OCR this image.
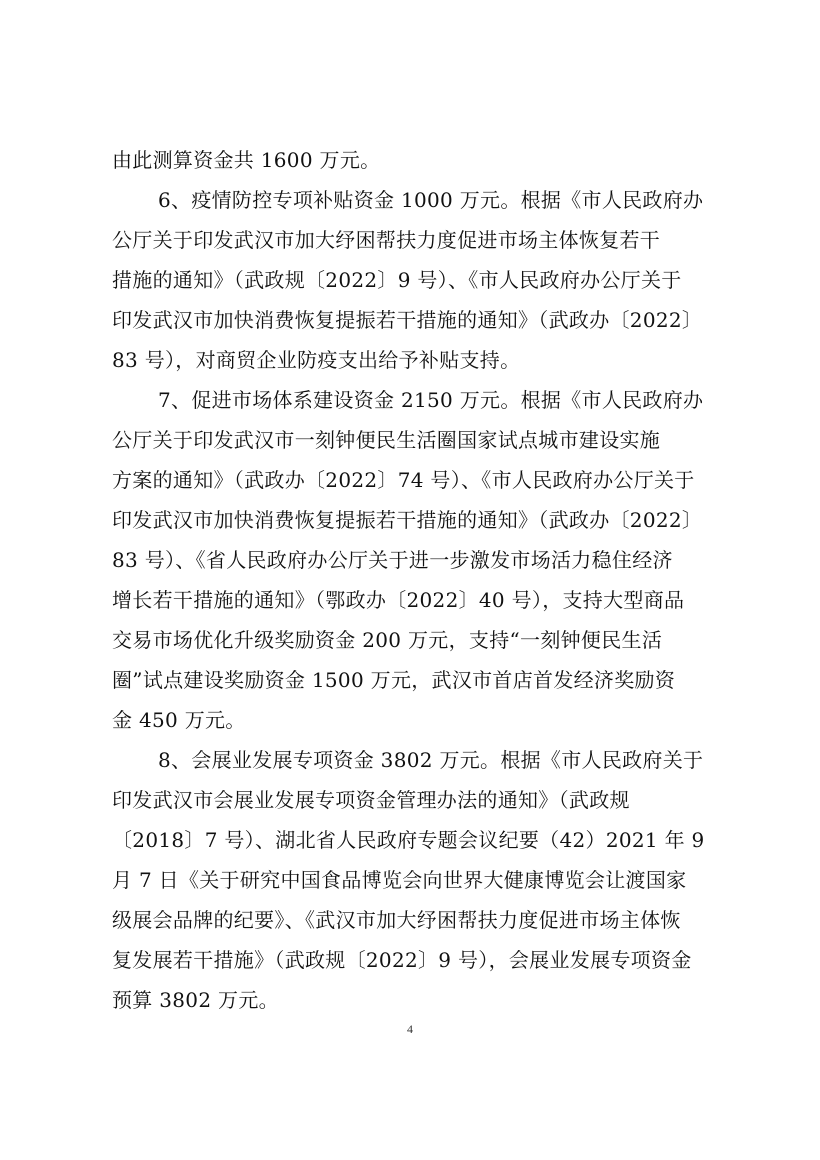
由此测算资金共 1600 万元。
6、疫情防控专项补贴资金 1000 万元。根据《市人民政府办
公厅关于印发武汉市加大纾困帮扶力度促进市场主体恢复若干
措施的通知》（武政规〔2022〕9 号）、《市人民政府办公厅关于
印发武汉市加快消费恢复提振若干措施的通知》（武政办〔2022〕
83 号），对商贸企业防疫支出给予补贴支持。
7、促进市场体系建设资金 2150 万元。根据《市人民政府办
公厅关于印发武汉市一刻钟便民生活圈国家试点城市建设实施
方案的通知》（武政办〔2022〕74 号）、《市人民政府办公厅关于
印发武汉市加快消费恢复提振若干措施的通知》（武政办〔2022〕
83 号）、《省人民政府办公厅关于进一步激发市场活力稳住经济
增长若干措施的通知》（鄂政办〔2022〕40 号），支持大型商品
交易市场优化升级奖励资金 200 万元，支持“一刻钟便民生活
圈”试点建设奖励资金 1500 万元，武汉市首店首发经济奖励资
金 450 万元。
8、会展业发展专项资金 3802 万元。根据《市人民政府关于
印发武汉市会展业发展专项资金管理办法的通知》（武政规
〔2018〕7 号）、湖北省人民政府专题会议纪要（42）2021 年 9
月 7 日《关于研究中国食品博览会向世界大健康博览会让渡国家
级展会品牌的纪要》、《武汉市加大纾困帮扶力度促进市场主体恢
复发展若干措施》（武政规〔2022〕9 号），会展业发展专项资金
预算 3802 万元。
4
